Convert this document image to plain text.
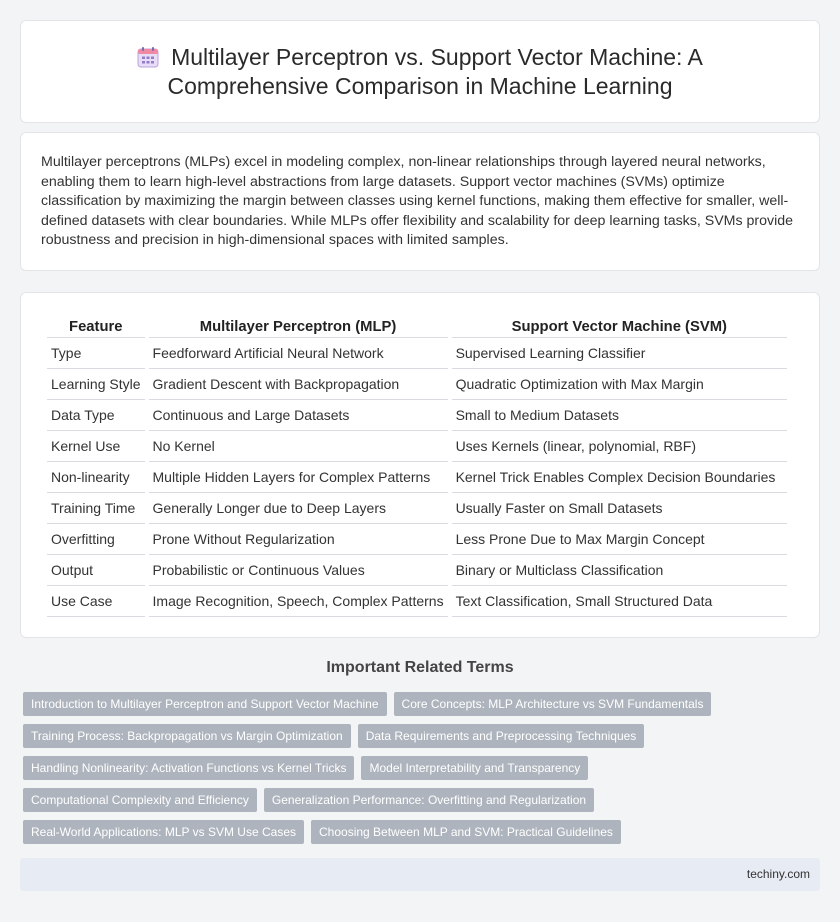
Multilayer Perceptron vs. Support Vector Machine: A Comprehensive Comparison in Machine Learning

Multilayer perceptrons (MLPs) excel in modeling complex, non-linear relationships through layered neural networks, enabling them to learn high-level abstractions from large datasets. Support vector machines (SVMs) optimize classification by maximizing the margin between classes using kernel functions, making them effective for smaller, well-defined datasets with clear boundaries. While MLPs offer flexibility and scalability for deep learning tasks, SVMs provide robustness and precision in high-dimensional spaces with limited samples.

Feature	Multilayer Perceptron (MLP)	Support Vector Machine (SVM)
Type	Feedforward Artificial Neural Network	Supervised Learning Classifier
Learning Style	Gradient Descent with Backpropagation	Quadratic Optimization with Max Margin
Data Type	Continuous and Large Datasets	Small to Medium Datasets
Kernel Use	No Kernel	Uses Kernels (linear, polynomial, RBF)
Non-linearity	Multiple Hidden Layers for Complex Patterns	Kernel Trick Enables Complex Decision Boundaries
Training Time	Generally Longer due to Deep Layers	Usually Faster on Small Datasets
Overfitting	Prone Without Regularization	Less Prone Due to Max Margin Concept
Output	Probabilistic or Continuous Values	Binary or Multiclass Classification
Use Case	Image Recognition, Speech, Complex Patterns	Text Classification, Small Structured Data
Important Related Terms
Introduction to Multilayer Perceptron and Support Vector Machine	Core Concepts: MLP Architecture vs SVM Fundamentals
Training Process: Backpropagation vs Margin Optimization	Data Requirements and Preprocessing Techniques
Handling Nonlinearity: Activation Functions vs Kernel Tricks	Model Interpretability and Transparency
Computational Complexity and Efficiency	Generalization Performance: Overfitting and Regularization
Real-World Applications: MLP vs SVM Use Cases	Choosing Between MLP and SVM: Practical Guidelines
techiny.com
